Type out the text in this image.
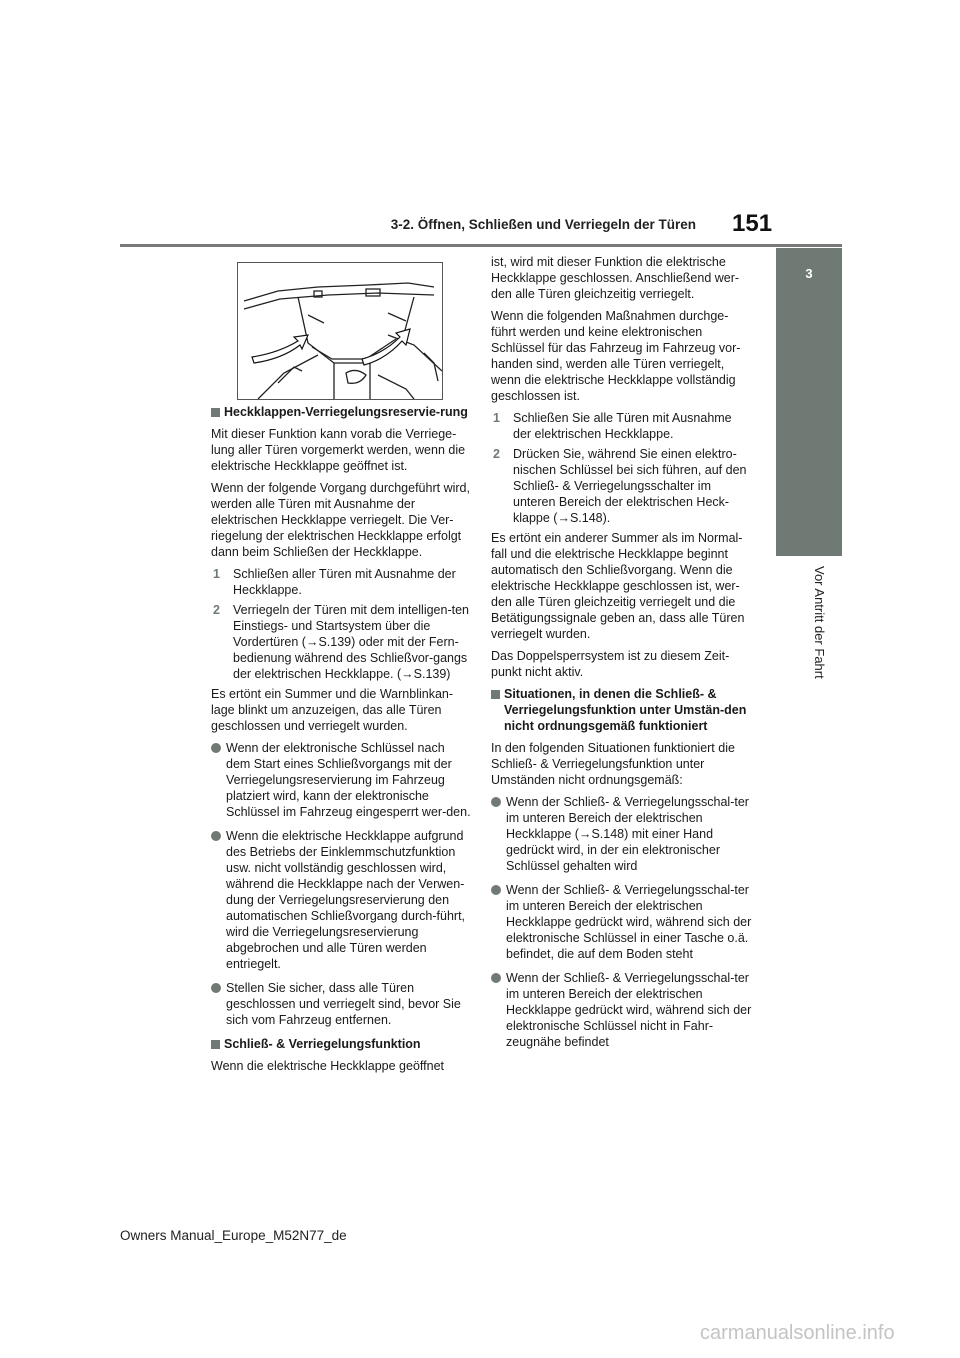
3-2. Öffnen, Schließen und Verriegeln der Türen 151
3
Vor Antritt der Fahrt
Heckklappen-Verriegelungsreservie-rung

Mit dieser Funktion kann vorab die Verriege-lung aller Türen vorgemerkt werden, wenn die elektrische Heckklappe geöffnet ist.

Wenn der folgende Vorgang durchgeführt wird, werden alle Türen mit Ausnahme der elektrischen Heckklappe verriegelt. Die Ver-riegelung der elektrischen Heckklappe erfolgt dann beim Schließen der Heckklappe.

1 Schließen aller Türen mit Ausnahme der Heckklappe.
2 Verriegeln der Türen mit dem intelligen-ten Einstiegs- und Startsystem über die Vordertüren (→S.139) oder mit der Fern-bedienung während des Schließvor-gangs der elektrischen Heckklappe. (→S.139)

Es ertönt ein Summer und die Warnblinkan-lage blinkt um anzuzeigen, das alle Türen geschlossen und verriegelt wurden.

Wenn der elektronische Schlüssel nach dem Start eines Schließvorgangs mit der Verriegelungsreservierung im Fahrzeug platziert wird, kann der elektronische Schlüssel im Fahrzeug eingesperrt wer-den.
Wenn die elektrische Heckklappe aufgrund des Betriebs der Einklemmschutzfunktion usw. nicht vollständig geschlossen wird, während die Heckklappe nach der Verwen-dung der Verriegelungsreservierung den automatischen Schließvorgang durch-führt, wird die Verriegelungsreservierung abgebrochen und alle Türen werden entriegelt.
Stellen Sie sicher, dass alle Türen geschlossen und verriegelt sind, bevor Sie sich vom Fahrzeug entfernen.
Schließ- & Verriegelungsfunktion

Wenn die elektrische Heckklappe geöffnet

ist, wird mit dieser Funktion die elektrische Heckklappe geschlossen. Anschließend wer-den alle Türen gleichzeitig verriegelt.

Wenn die folgenden Maßnahmen durchge-führt werden und keine elektronischen Schlüssel für das Fahrzeug im Fahrzeug vor-handen sind, werden alle Türen verriegelt, wenn die elektrische Heckklappe vollständig geschlossen ist.

1 Schließen Sie alle Türen mit Ausnahme der elektrischen Heckklappe.
2 Drücken Sie, während Sie einen elektro-nischen Schlüssel bei sich führen, auf den Schließ- & Verriegelungsschalter im unteren Bereich der elektrischen Heck-klappe (→S.148).

Es ertönt ein anderer Summer als im Normal-fall und die elektrische Heckklappe beginnt automatisch den Schließvorgang. Wenn die elektrische Heckklappe geschlossen ist, wer-den alle Türen gleichzeitig verriegelt und die Betätigungssignale geben an, dass alle Türen verriegelt wurden.

Das Doppelsperrsystem ist zu diesem Zeit-punkt nicht aktiv.

Situationen, in denen die Schließ- & Verriegelungsfunktion unter Umstän-den nicht ordnungsgemäß funktioniert

In den folgenden Situationen funktioniert die Schließ- & Verriegelungsfunktion unter Umständen nicht ordnungsgemäß:

Wenn der Schließ- & Verriegelungsschal-ter im unteren Bereich der elektrischen Heckklappe (→S.148) mit einer Hand gedrückt wird, in der ein elektronischer Schlüssel gehalten wird
Wenn der Schließ- & Verriegelungsschal-ter im unteren Bereich der elektrischen Heckklappe gedrückt wird, während sich der elektronische Schlüssel in einer Tasche o.ä. befindet, die auf dem Boden steht
Wenn der Schließ- & Verriegelungsschal-ter im unteren Bereich der elektrischen Heckklappe gedrückt wird, während sich der elektronische Schlüssel nicht in Fahr-zeugnähe befindet
Owners Manual_Europe_M52N77_de
carmanualsonline.info
